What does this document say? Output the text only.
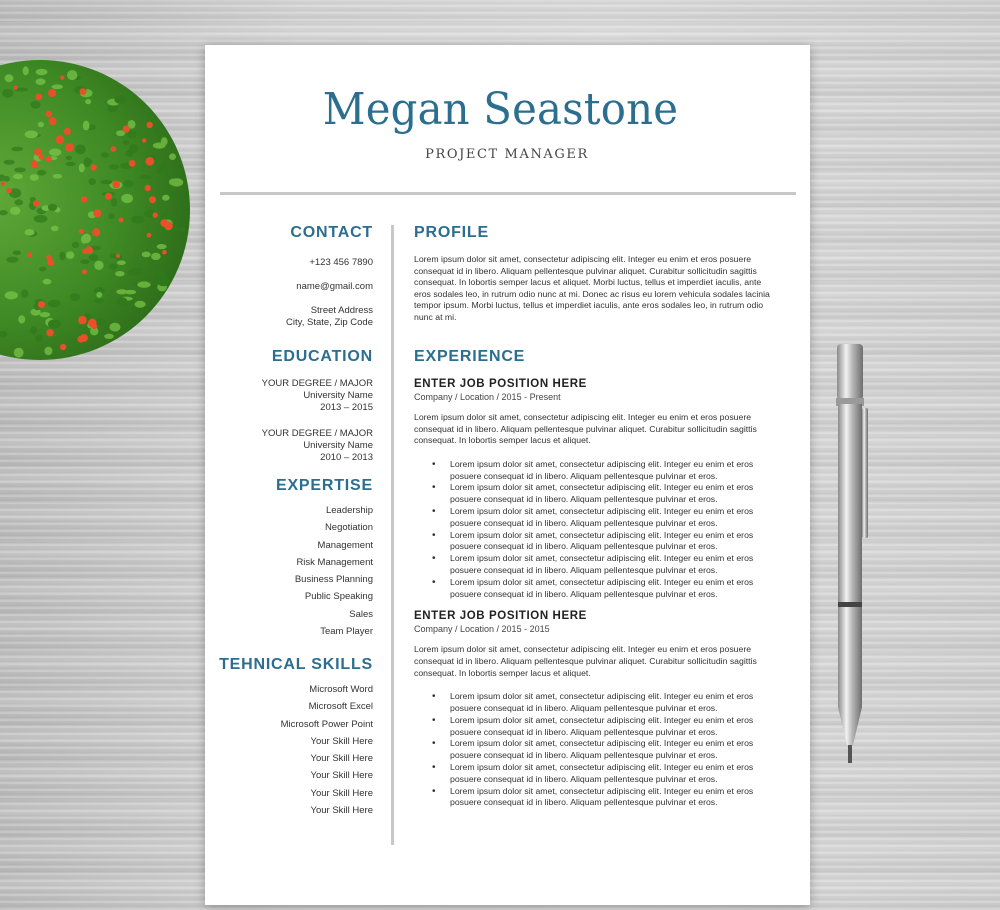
Megan Seastone
PROJECT MANAGER
CONTACT
+123 456 7890
name@gmail.com
Street Address
City, State, Zip Code
EDUCATION
YOUR DEGREE / MAJOR
University Name
2013 – 2015
YOUR DEGREE / MAJOR
University Name
2010 – 2013
EXPERTISE
Leadership
Negotiation
Management
Risk Management
Business Planning
Public Speaking
Sales
Team Player
TEHNICAL SKILLS
Microsoft Word
Microsoft Excel
Microsoft Power Point
Your Skill Here
Your Skill Here
Your Skill Here
Your Skill Here
Your Skill Here
PROFILE
Lorem ipsum dolor sit amet, consectetur adipiscing elit. Integer eu enim et eros posuere consequat id in libero. Aliquam pellentesque pulvinar aliquet. Curabitur sollicitudin sagittis consequat. In lobortis semper lacus et aliquet. Morbi luctus, tellus et imperdiet iaculis, ante eros sodales leo, in rutrum odio nunc at mi. Donec ac risus eu lorem vehicula sodales lacinia tempor ipsum. Morbi luctus, tellus et imperdiet iaculis, ante eros sodales leo, in rutrum odio nunc at mi.
EXPERIENCE
ENTER JOB POSITION HERE
Company / Location / 2015 - Present
Lorem ipsum dolor sit amet, consectetur adipiscing elit. Integer eu enim et eros posuere consequat id in libero. Aliquam pellentesque pulvinar aliquet. Curabitur sollicitudin sagittis consequat. In lobortis semper lacus et aliquet.
• Lorem ipsum dolor sit amet, consectetur adipiscing elit. Integer eu enim et eros posuere consequat id in libero. Aliquam pellentesque pulvinar et eros.
• Lorem ipsum dolor sit amet, consectetur adipiscing elit. Integer eu enim et eros posuere consequat id in libero. Aliquam pellentesque pulvinar et eros.
• Lorem ipsum dolor sit amet, consectetur adipiscing elit. Integer eu enim et eros posuere consequat id in libero. Aliquam pellentesque pulvinar et eros.
• Lorem ipsum dolor sit amet, consectetur adipiscing elit. Integer eu enim et eros posuere consequat id in libero. Aliquam pellentesque pulvinar et eros.
• Lorem ipsum dolor sit amet, consectetur adipiscing elit. Integer eu enim et eros posuere consequat id in libero. Aliquam pellentesque pulvinar et eros.
• Lorem ipsum dolor sit amet, consectetur adipiscing elit. Integer eu enim et eros posuere consequat id in libero. Aliquam pellentesque pulvinar et eros.
ENTER JOB POSITION HERE
Company / Location / 2015 - 2015
Lorem ipsum dolor sit amet, consectetur adipiscing elit. Integer eu enim et eros posuere consequat id in libero. Aliquam pellentesque pulvinar aliquet. Curabitur sollicitudin sagittis consequat. In lobortis semper lacus et aliquet.
• Lorem ipsum dolor sit amet, consectetur adipiscing elit. Integer eu enim et eros posuere consequat id in libero. Aliquam pellentesque pulvinar et eros.
• Lorem ipsum dolor sit amet, consectetur adipiscing elit. Integer eu enim et eros posuere consequat id in libero. Aliquam pellentesque pulvinar et eros.
• Lorem ipsum dolor sit amet, consectetur adipiscing elit. Integer eu enim et eros posuere consequat id in libero. Aliquam pellentesque pulvinar et eros.
• Lorem ipsum dolor sit amet, consectetur adipiscing elit. Integer eu enim et eros posuere consequat id in libero. Aliquam pellentesque pulvinar et eros.
• Lorem ipsum dolor sit amet, consectetur adipiscing elit. Integer eu enim et eros posuere consequat id in libero. Aliquam pellentesque pulvinar et eros.
